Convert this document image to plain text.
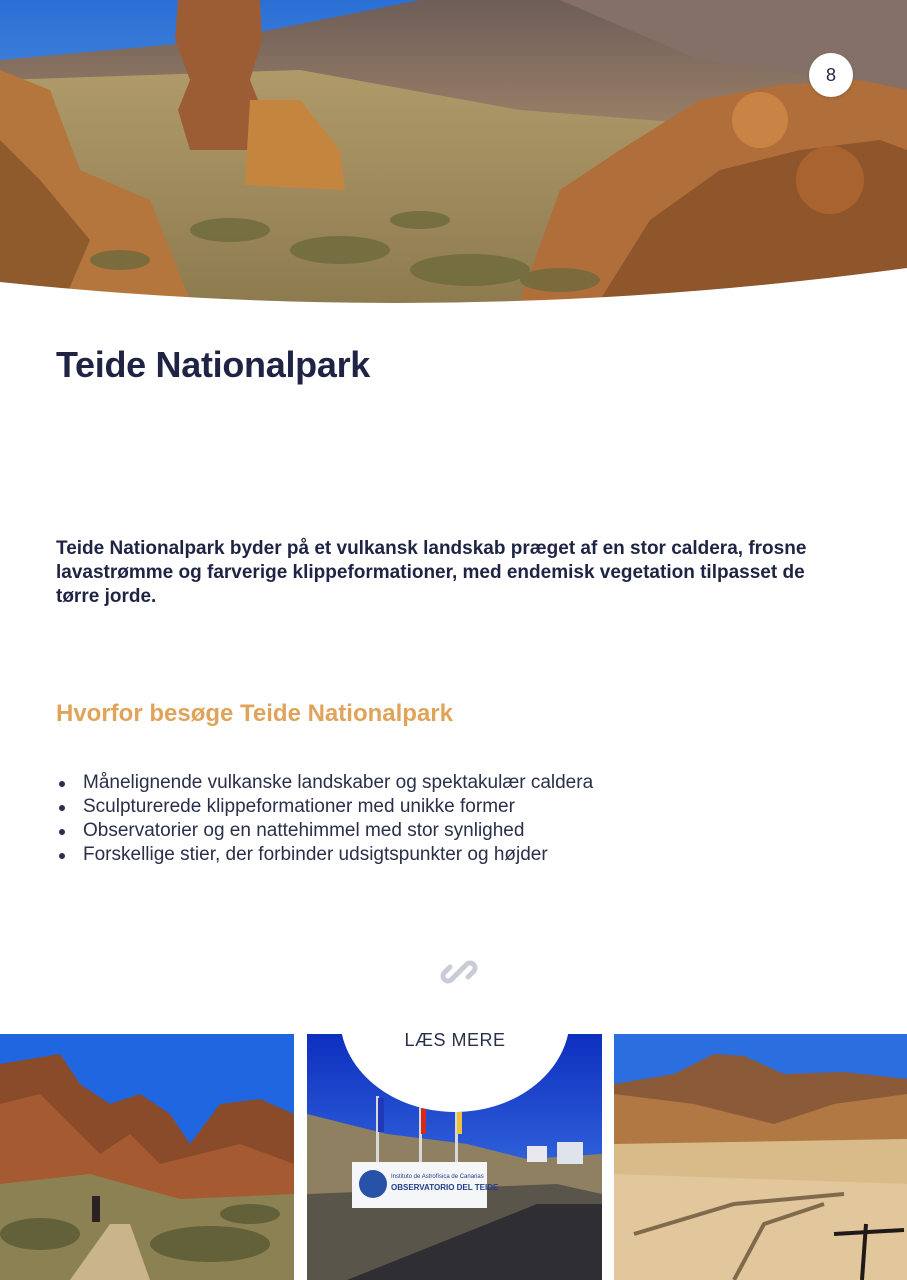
8
Teide Nationalpark

Teide Nationalpark byder på et vulkansk landskab præget af en stor caldera, frosne lavastrømme og farverige klippeformationer, med endemisk vegetation tilpasset de tørre jorde.

Hvorfor besøge Teide Nationalpark
Månelignende vulkanske landskaber og spektakulær caldera
Sculpturerede klippeformationer med unikke former
Observatorier og en nattehimmel med stor synlighed
Forskellige stier, der forbinder udsigtspunkter og højder
Instituto de Astrofísica de Canarias
OBSERVATORIO DEL TEIDE
LÆS MERE
